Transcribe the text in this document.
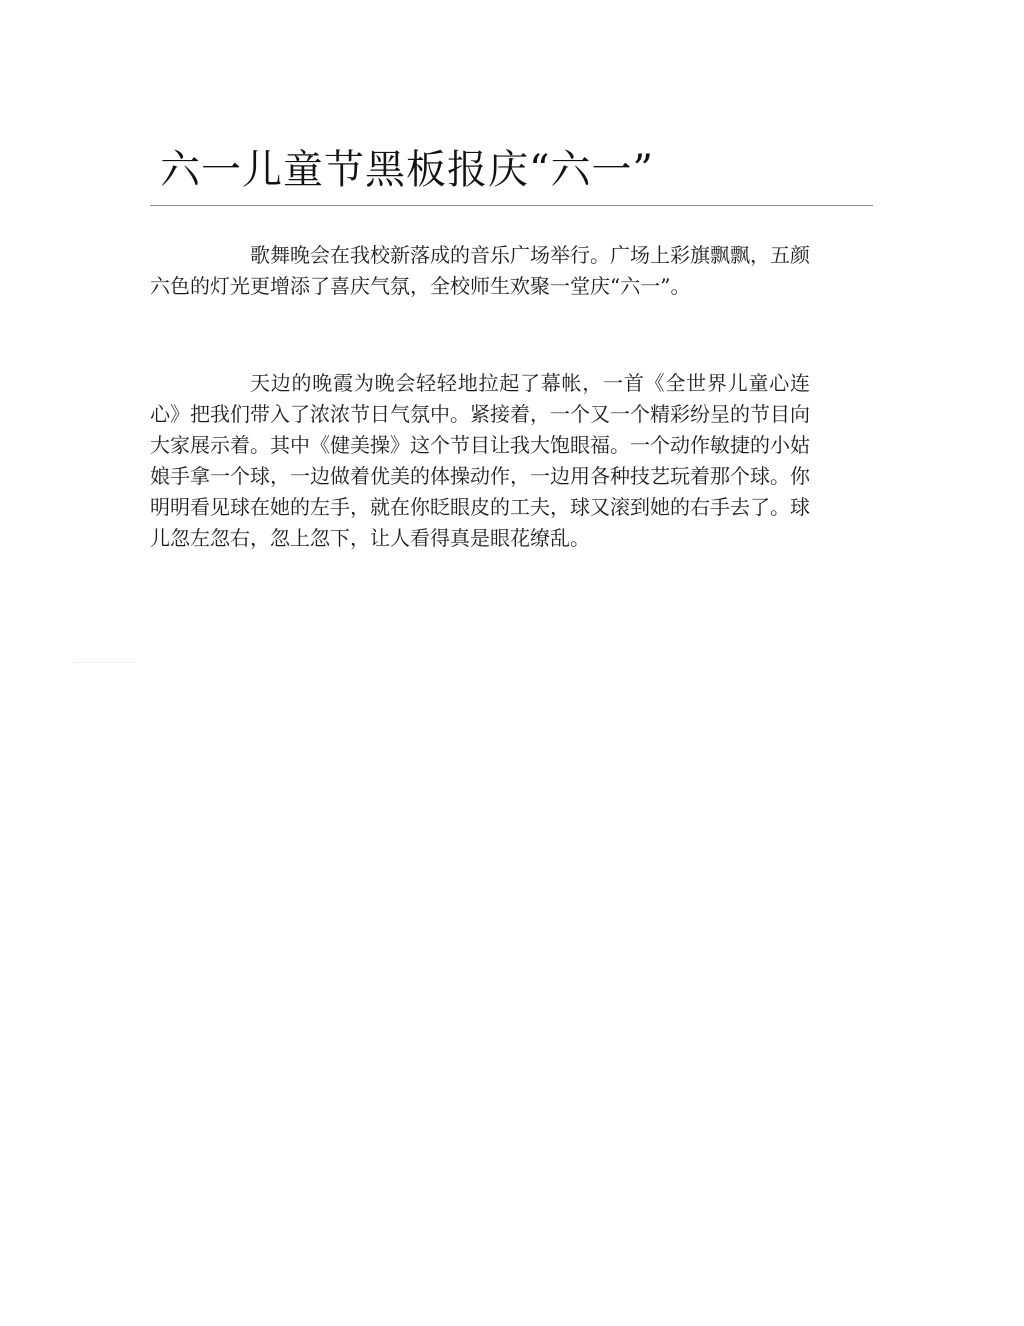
六一儿童节黑板报庆“六一”

歌舞晚会在我校新落成的音乐广场举行。广场上彩旗飘飘，五颜六色的灯光更增添了喜庆气氛，全校师生欢聚一堂庆“六一”。

天边的晚霞为晚会轻轻地拉起了幕帐，一首《全世界儿童心连心》把我们带入了浓浓节日气氛中。紧接着，一个又一个精彩纷呈的节目向大家展示着。其中《健美操》这个节目让我大饱眼福。一个动作敏捷的小姑娘手拿一个球，一边做着优美的体操动作，一边用各种技艺玩着那个球。你明明看见球在她的左手，就在你眨眼皮的工夫，球又滚到她的右手去了。球儿忽左忽右，忽上忽下，让人看得真是眼花缭乱。
